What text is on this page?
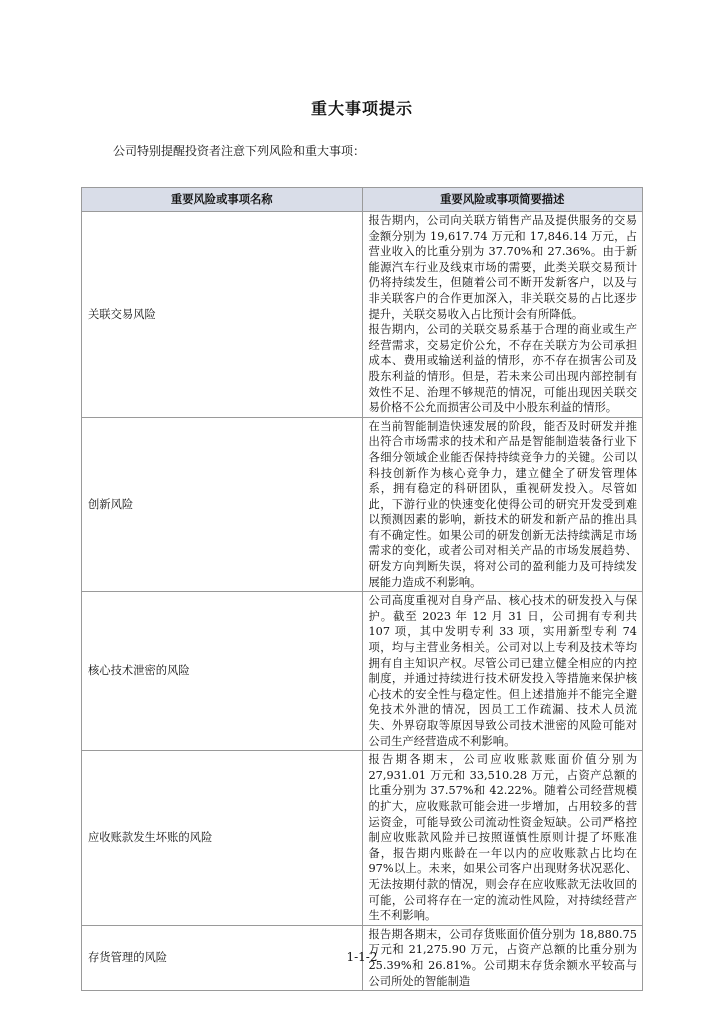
重大事项提示
公司特别提醒投资者注意下列风险和重大事项：
重要风险或事项名称	重要风险或事项简要描述
关联交易风险	报告期内，公司向关联方销售产品及提供服务的交易金额分别为 19,617.74 万元和 17,846.14 万元，占营业收入的比重分别为 37.70%和 27.36%。由于新能源汽车行业及线束市场的需要，此类关联交易预计仍将持续发生，但随着公司不断开发新客户，以及与非关联客户的合作更加深入，非关联交易的占比逐步提升，关联交易收入占比预计会有所降低。

报告期内，公司的关联交易系基于合理的商业或生产经营需求，交易定价公允，不存在关联方为公司承担成本、费用或输送利益的情形，亦不存在损害公司及股东利益的情形。但是，若未来公司出现内部控制有效性不足、治理不够规范的情况，可能出现因关联交易价格不公允而损害公司及中小股东利益的情形。

创新风险	在当前智能制造快速发展的阶段，能否及时研发并推出符合市场需求的技术和产品是智能制造装备行业下各细分领域企业能否保持持续竞争力的关键。公司以科技创新作为核心竞争力，建立健全了研发管理体系，拥有稳定的科研团队，重视研发投入。尽管如此，下游行业的快速变化使得公司的研究开发受到难以预测因素的影响，新技术的研发和新产品的推出具有不确定性。如果公司的研发创新无法持续满足市场需求的变化，或者公司对相关产品的市场发展趋势、研发方向判断失误，将对公司的盈利能力及可持续发展能力造成不利影响。

核心技术泄密的风险	公司高度重视对自身产品、核心技术的研发投入与保护。截至 2023 年 12 月 31 日，公司拥有专利共 107 项，其中发明专利 33 项，实用新型专利 74 项，均与主营业务相关。公司对以上专利及技术等均拥有自主知识产权。尽管公司已建立健全相应的内控制度，并通过持续进行技术研发投入等措施来保护核心技术的安全性与稳定性。但上述措施并不能完全避免技术外泄的情况，因员工工作疏漏、技术人员流失、外界窃取等原因导致公司技术泄密的风险可能对公司生产经营造成不利影响。

应收账款发生坏账的风险	报告期各期末，公司应收账款账面价值分别为 27,931.01 万元和 33,510.28 万元，占资产总额的比重分别为 37.57%和 42.22%。随着公司经营规模的扩大，应收账款可能会进一步增加，占用较多的营运资金，可能导致公司流动性资金短缺。公司严格控制应收账款风险并已按照谨慎性原则计提了坏账准备，报告期内账龄在一年以内的应收账款占比均在 97%以上。未来，如果公司客户出现财务状况恶化、无法按期付款的情况，则会存在应收账款无法收回的可能，公司将存在一定的流动性风险，对持续经营产生不利影响。

存货管理的风险	报告期各期末，公司存货账面价值分别为 18,880.75 万元和 21,275.90 万元，占资产总额的比重分别为 25.39%和 26.81%。公司期末存货余额水平较高与公司所处的智能制造

1-1-2
